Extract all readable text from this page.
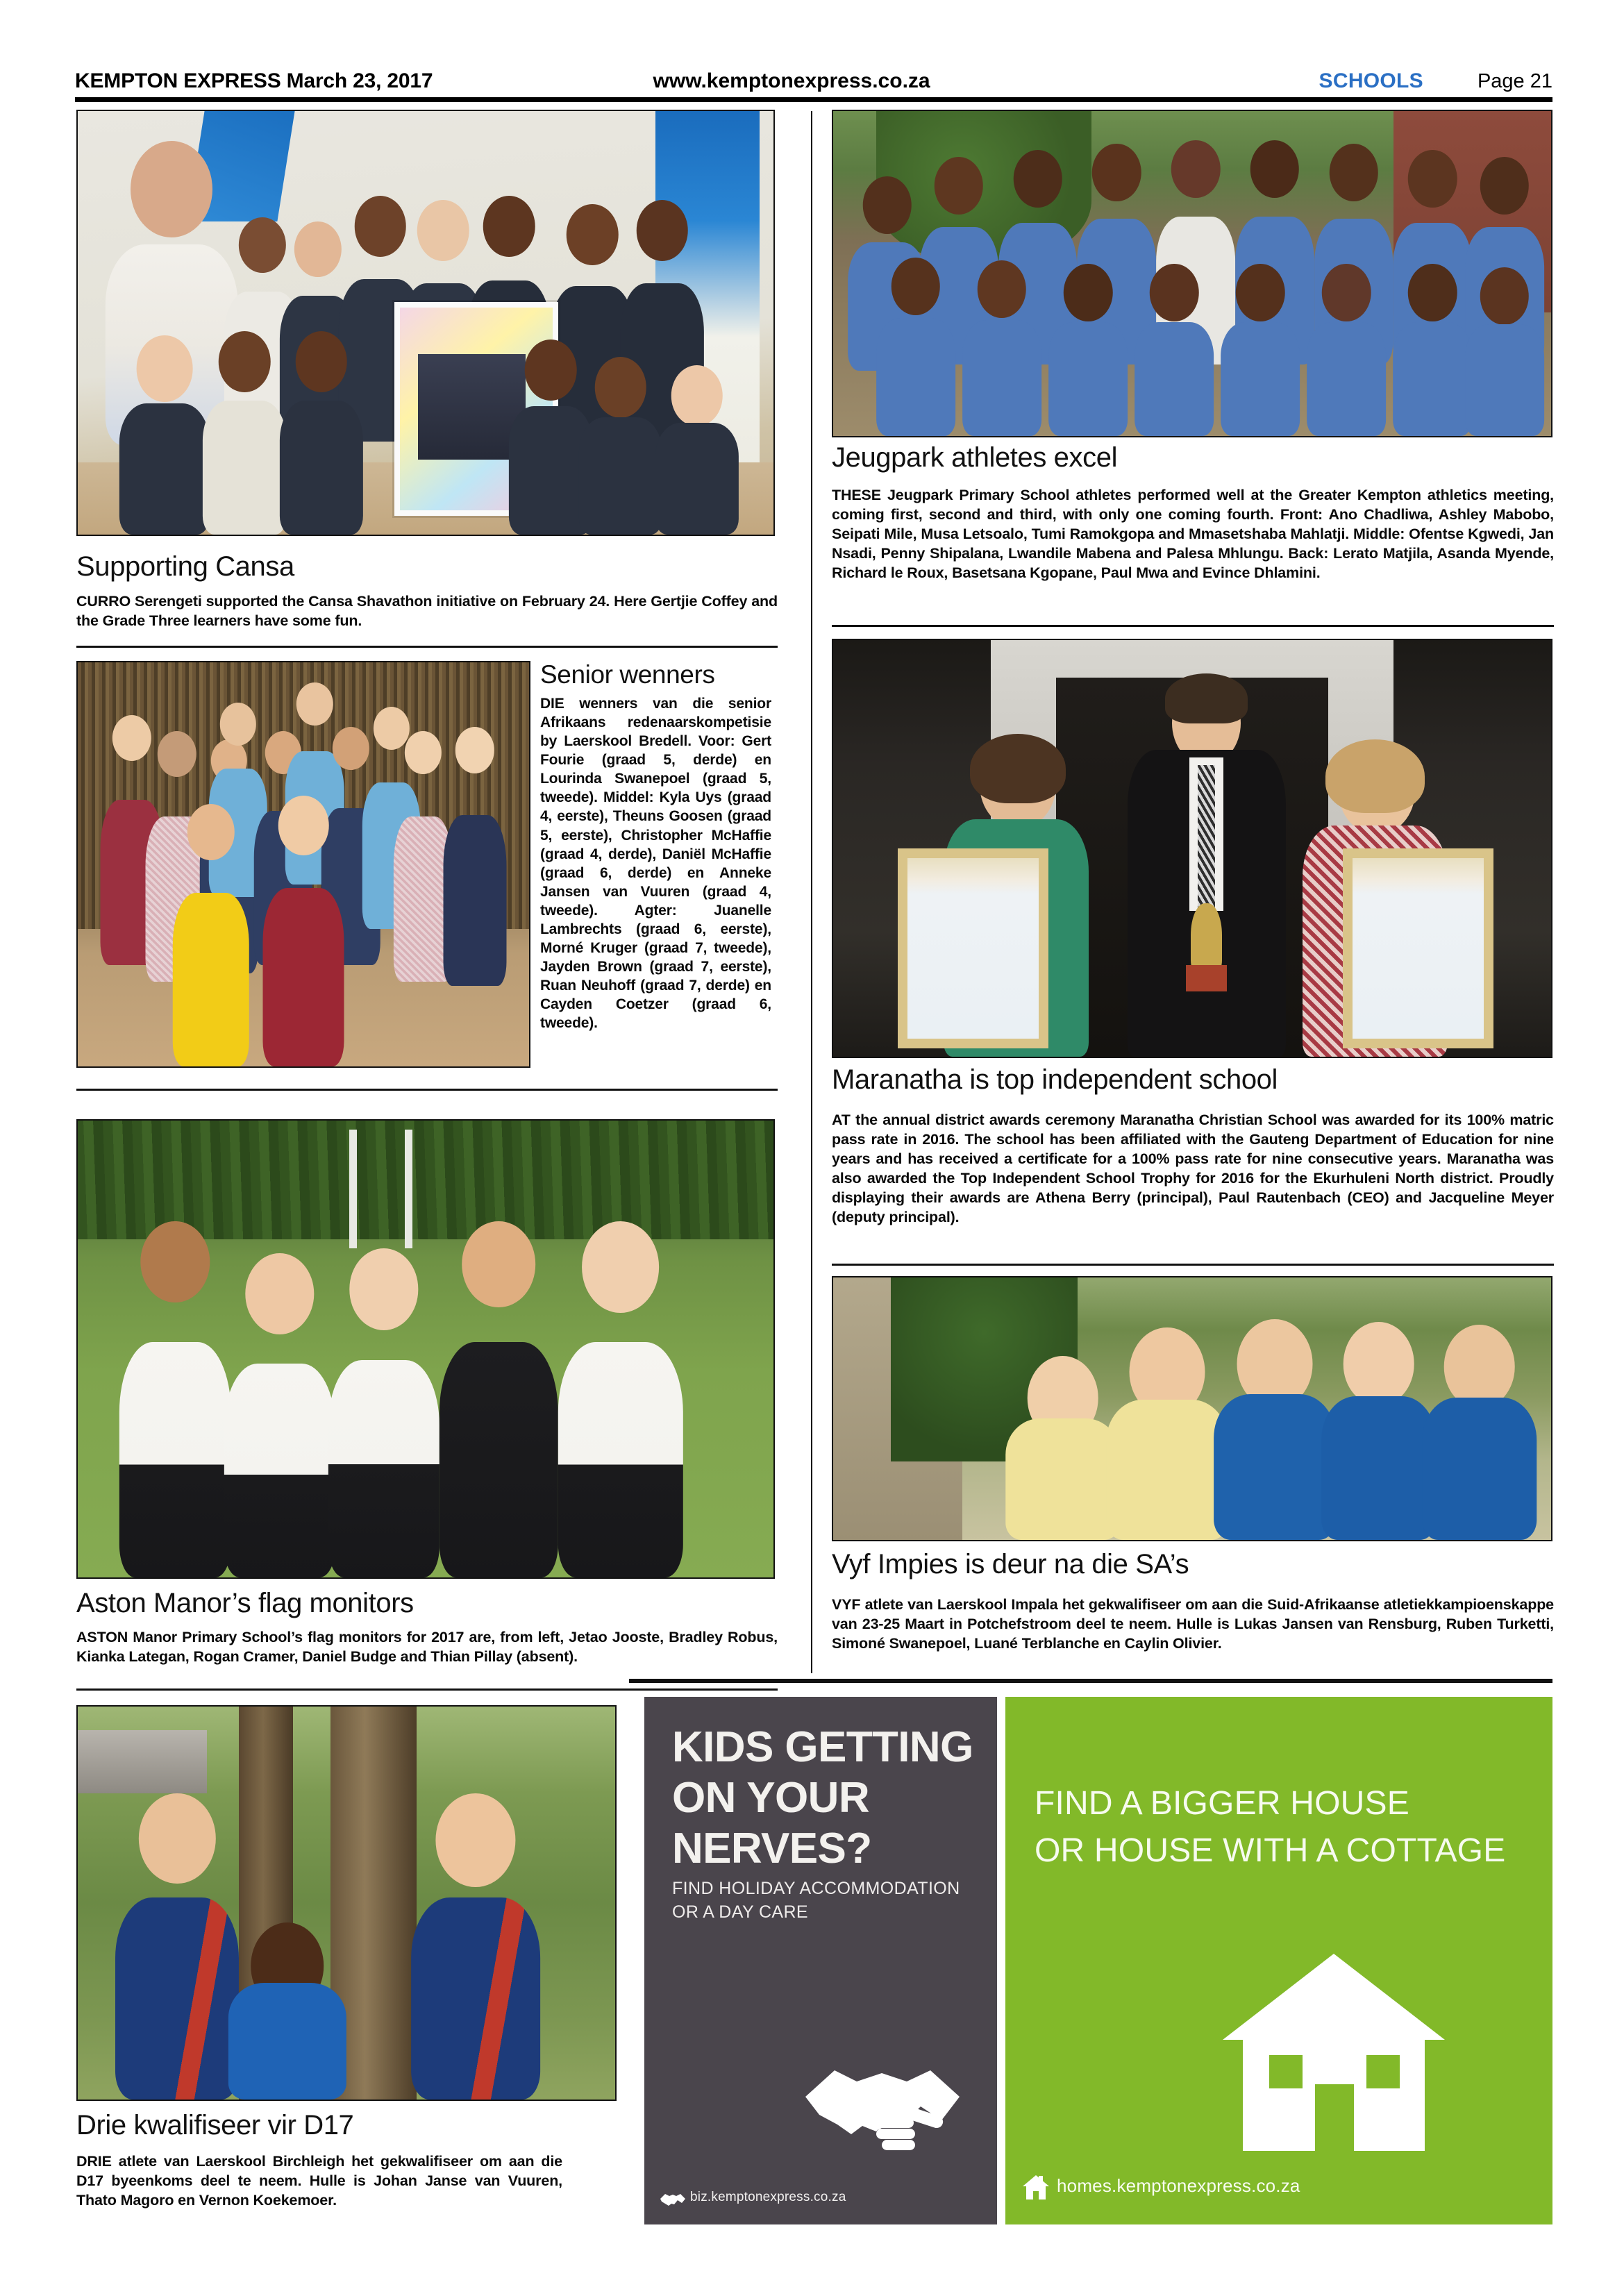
KEMPTON EXPRESS March 23, 2017	www.kemptonexpress.co.za	SCHOOLS	Page 21
Supporting Cansa
CURRO Serengeti supported the Cansa Shavathon initiative on February 24. Here Gertjie Coffey and the Grade Three learners have some fun.
Jeugpark athletes excel
THESE Jeugpark Primary School athletes performed well at the Greater Kempton athletics meeting, coming first, second and third, with only one coming fourth. Front: Ano Chadliwa, Ashley Mabobo, Seipati Mile, Musa Letsoalo, Tumi Ramokgopa and Mmasetshaba Mahlatji. Middle: Ofentse Kgwedi, Jan Nsadi, Penny Shipalana, Lwandile Mabena and Palesa Mhlungu. Back: Lerato Matjila, Asanda Myende, Richard le Roux, Basetsana Kgopane, Paul Mwa and Evince Dhlamini.
Senior wenners
DIE wenners van die senior Afrikaans redenaarskompetisie by Laerskool Bredell. Voor: Gert Fourie (graad 5, derde) en Lourinda Swanepoel (graad 5, tweede). Middel: Kyla Uys (graad 4, eerste), Theuns Goosen (graad 5, eerste), Christopher McHaffie (graad 4, derde), Daniël McHaffie (graad 6, derde) en Anneke Jansen van Vuuren (graad 4, tweede). Agter: Juanelle Lambrechts (graad 6, eerste), Morné Kruger (graad 7, tweede), Jayden Brown (graad 7, eerste), Ruan Neuhoff (graad 7, derde) en Cayden Coetzer (graad 6, tweede).
Maranatha is top independent school
AT the annual district awards ceremony Maranatha Christian School was awarded for its 100% matric pass rate in 2016. The school has been affiliated with the Gauteng Department of Education for nine years and has received a certificate for a 100% pass rate for nine consecutive years. Maranatha was also awarded the Top Independent School Trophy for 2016 for the Ekurhuleni North district. Proudly displaying their awards are Athena Berry (principal), Paul Rautenbach (CEO) and Jacqueline Meyer (deputy principal).
Aston Manor’s flag monitors
ASTON Manor Primary School’s flag monitors for 2017 are, from left, Jetao Jooste, Bradley Robus, Kianka Lategan, Rogan Cramer, Daniel Budge and Thian Pillay (absent).
Vyf Impies is deur na die SA’s
VYF atlete van Laerskool Impala het gekwalifiseer om aan die Suid-Afrikaanse atletiekkampioenskappe van 23-25 Maart in Potchefstroom deel te neem. Hulle is Lukas Jansen van Rensburg, Ruben Turketti, Simoné Swanepoel, Luané Terblanche en Caylin Olivier.
Drie kwalifiseer vir D17
DRIE atlete van Laerskool Birchleigh het gekwalifiseer om aan die D17 byeenkoms deel te neem. Hulle is Johan Janse van Vuuren, Thato Magoro en Vernon Koekemoer.
KIDS GETTING
ON YOUR
NERVES?
FIND HOLIDAY ACCOMMODATION
OR A DAY CARE
biz.kemptonexpress.co.za
FIND A BIGGER HOUSE
OR HOUSE WITH A COTTAGE
homes.kemptonexpress.co.za
